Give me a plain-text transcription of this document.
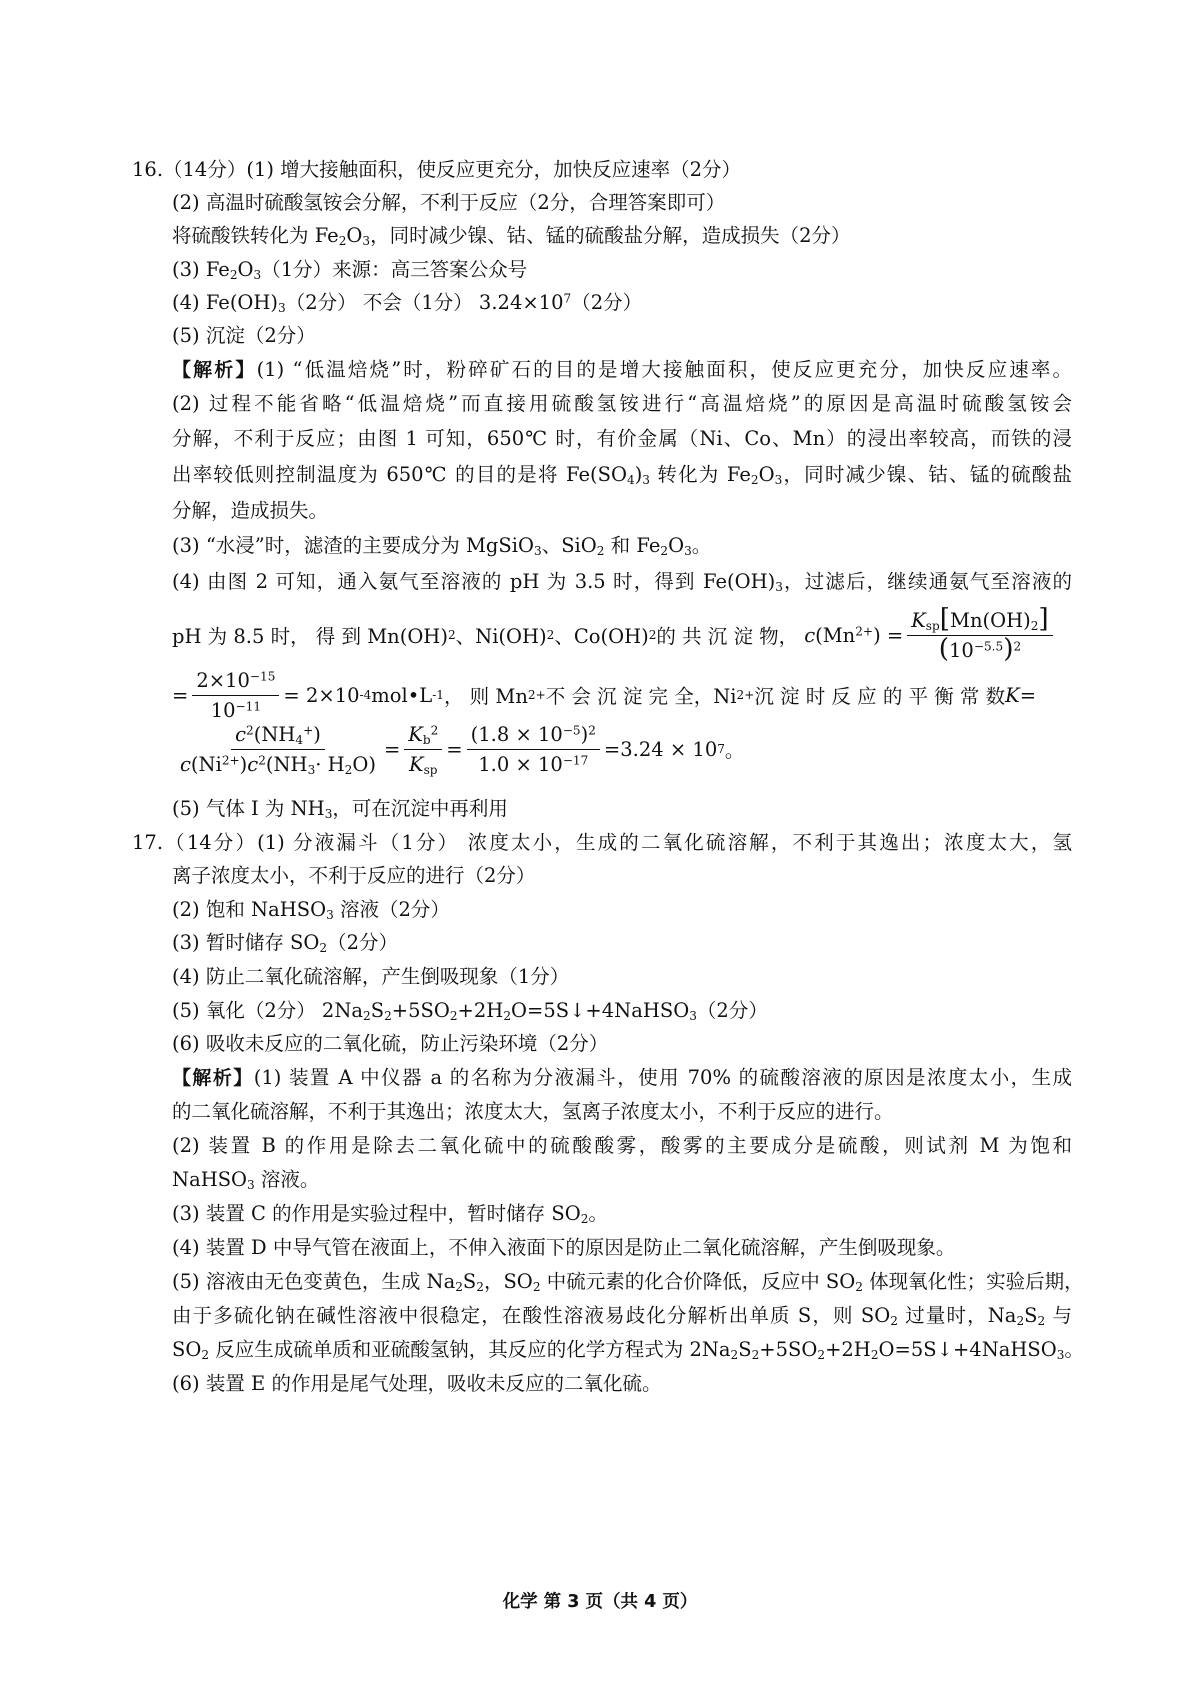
16.（14分）(1) 增大接触面积，使反应更充分，加快反应速率（2分）
(2) 高温时硫酸氢铵会分解，不利于反应（2分，合理答案即可）
将硫酸铁转化为 $Fe_2O_3$，同时减少镍、钴、锰的硫酸盐分解，造成损失（2分）
(3) $Fe_2O_3(1$分）来源：高三答案公众号
(4) $Fe(OH)_3(2$分） 不会（1分） $3.24\times 10^7(2$分）
(5) 沉淀（2分）
【解析】(1) “低温焙烧”时，粉碎矿石的目的是增大接触面积，使反应更充分，加快反应速率。
(2) 过程不能省略“低温焙烧”而直接用硫酸氢铵进行“高温焙烧”的原因是高温时硫酸氢铵会
分解，不利于反应；由图 1 可知，650℃ 时，有价金属（Ni、Co、Mn）的浸出率较高，而铁的浸
出率较低则控制温度为 650℃ 的目的是将 $Fe(SO_4)_3$ 转化为 $Fe_2O_3$，同时减少镍、钴、锰的硫酸盐
分解，造成损失。
(3) “水浸”时，滤渣的主要成分为 MgSiO$_3$、SiO$_2$ 和 $Fe_2O_3$。
(4) 由图 2 可知，通入氨气至溶液的 pH 为 3.5 时，得到 $Fe(OH)_3$，过滤后，继续通氨气至溶液的
pH 为 8.5 时， 得 到 Mn(OH) 2 、Ni(OH) 2 、Co(OH) 2 的 共 沉 淀 物， $c(Mn^{2+}) = \frac{K_{sp}[Mn(OH)_2]}{(10^{-5.5})^2}$
= $\frac{2\times 10^{-15}}{10^{-11}} = 2\times 10$ -4 mol•L -1 ， 则 Mn 2+ 不 会 沉 淀 完 全，Ni 2+ 沉 淀 时 反 应 的 平 衡 常 数 K =
$\frac{c^2(NH_4^+)}{c(Ni^{2+})c^2(NH_3\cdot H_2O)} = \frac{K_b^2}{K_{sp}} = \frac{(1.8 \times 10^{-5})^2}{1.0 \times 10^{-17}} =3.24 \times 10$ 7 。
(5) 气体 I 为 $NH_3$，可在沉淀中再利用
17.（14分）(1) 分液漏斗（1分） 浓度太小，生成的二氧化硫溶解，不利于其逸出；浓度太大，氢
离子浓度太小，不利于反应的进行（2分）
(2) 饱和 NaHSO$_3$ 溶液（2分）
(3) 暂时储存 $SO_2(2$分）
(4) 防止二氧化硫溶解，产生倒吸现象（1分）
(5) 氧化（2分） $2Na_2S_2+5SO_2+2H_2O=5S↓+4NaHSO_3(2$分）
(6) 吸收未反应的二氧化硫，防止污染环境（2分）
【解析】(1) 装置 A 中仪器 a 的名称为分液漏斗，使用 70% 的硫酸溶液的原因是浓度太小，生成
的二氧化硫溶解，不利于其逸出；浓度太大，氢离子浓度太小，不利于反应的进行。
(2) 装置 B 的作用是除去二氧化硫中的硫酸酸雾，酸雾的主要成分是硫酸，则试剂 M 为饱和
NaHSO$_3$ 溶液。
(3) 装置 C 的作用是实验过程中，暂时储存 $SO_2$。
(4) 装置 D 中导气管在液面上，不伸入液面下的原因是防止二氧化硫溶解，产生倒吸现象。
(5) 溶液由无色变黄色，生成 $Na_2S_2$，$SO_2$ 中硫元素的化合价降低，反应中 $SO_2$ 体现氧化性；实验后期，
由于多硫化钠在碱性溶液中很稳定，在酸性溶液易歧化分解析出单质 S，则 $SO_2$ 过量时，$Na_2S_2$ 与
$SO_2$ 反应生成硫单质和亚硫酸氢钠，其反应的化学方程式为 $2Na_2S_2+5SO_2+2H_2O=5S↓+4NaHSO_3$。
(6) 装置 E 的作用是尾气处理，吸收未反应的二氧化硫。
化学 第 3 页（共 4 页）
